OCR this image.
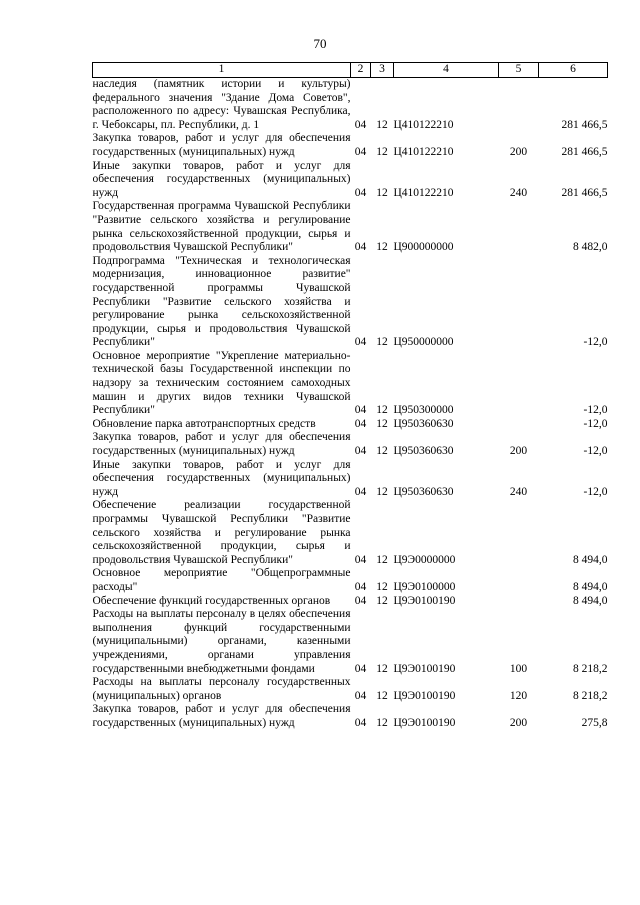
70
1	2	3	4	5	6
наследия (памятник истории и культуры) федерального значения "Здание Дома Советов", расположенного по адресу: Чувашская Республика, г. Чебоксары, пл. Республики, д. 1	04	12	Ц410122210		281 466,5
Закупка товаров, работ и услуг для обеспечения государственных (муниципальных) нужд	04	12	Ц410122210	200	281 466,5
Иные закупки товаров, работ и услуг для обеспечения государственных (муниципальных) нужд	04	12	Ц410122210	240	281 466,5
Государственная программа Чувашской Республики "Развитие сельского хозяйства и регулирование рынка сельскохозяйственной продукции, сырья и продовольствия Чувашской Республики"	04	12	Ц900000000		8 482,0
Подпрограмма "Техническая и технологическая модернизация, инновационное развитие" государственной программы Чувашской Республики "Развитие сельского хозяйства и регулирование рынка сельскохозяйственной продукции, сырья и продовольствия Чувашской Республики"	04	12	Ц950000000		-12,0
Основное мероприятие "Укрепление материально-технической базы Государственной инспекции по надзору за техническим состоянием самоходных машин и других видов техники Чувашской Республики"	04	12	Ц950300000		-12,0
Обновление парка автотранспортных средств	04	12	Ц950360630		-12,0
Закупка товаров, работ и услуг для обеспечения государственных (муниципальных) нужд	04	12	Ц950360630	200	-12,0
Иные закупки товаров, работ и услуг для обеспечения государственных (муниципальных) нужд	04	12	Ц950360630	240	-12,0
Обеспечение реализации государственной программы Чувашской Республики "Развитие сельского хозяйства и регулирование рынка сельскохозяйственной продукции, сырья и продовольствия Чувашской Республики"	04	12	Ц9Э0000000		8 494,0
Основное мероприятие "Общепрограммные расходы"	04	12	Ц9Э0100000		8 494,0
Обеспечение функций государственных органов	04	12	Ц9Э0100190		8 494,0
Расходы на выплаты персоналу в целях обеспечения выполнения функций государственными (муниципальными) органами, казенными учреждениями, органами управления государственными внебюджетными фондами	04	12	Ц9Э0100190	100	8 218,2
Расходы на выплаты персоналу государственных (муниципальных) органов	04	12	Ц9Э0100190	120	8 218,2
Закупка товаров, работ и услуг для обеспечения государственных (муниципальных) нужд	04	12	Ц9Э0100190	200	275,8
